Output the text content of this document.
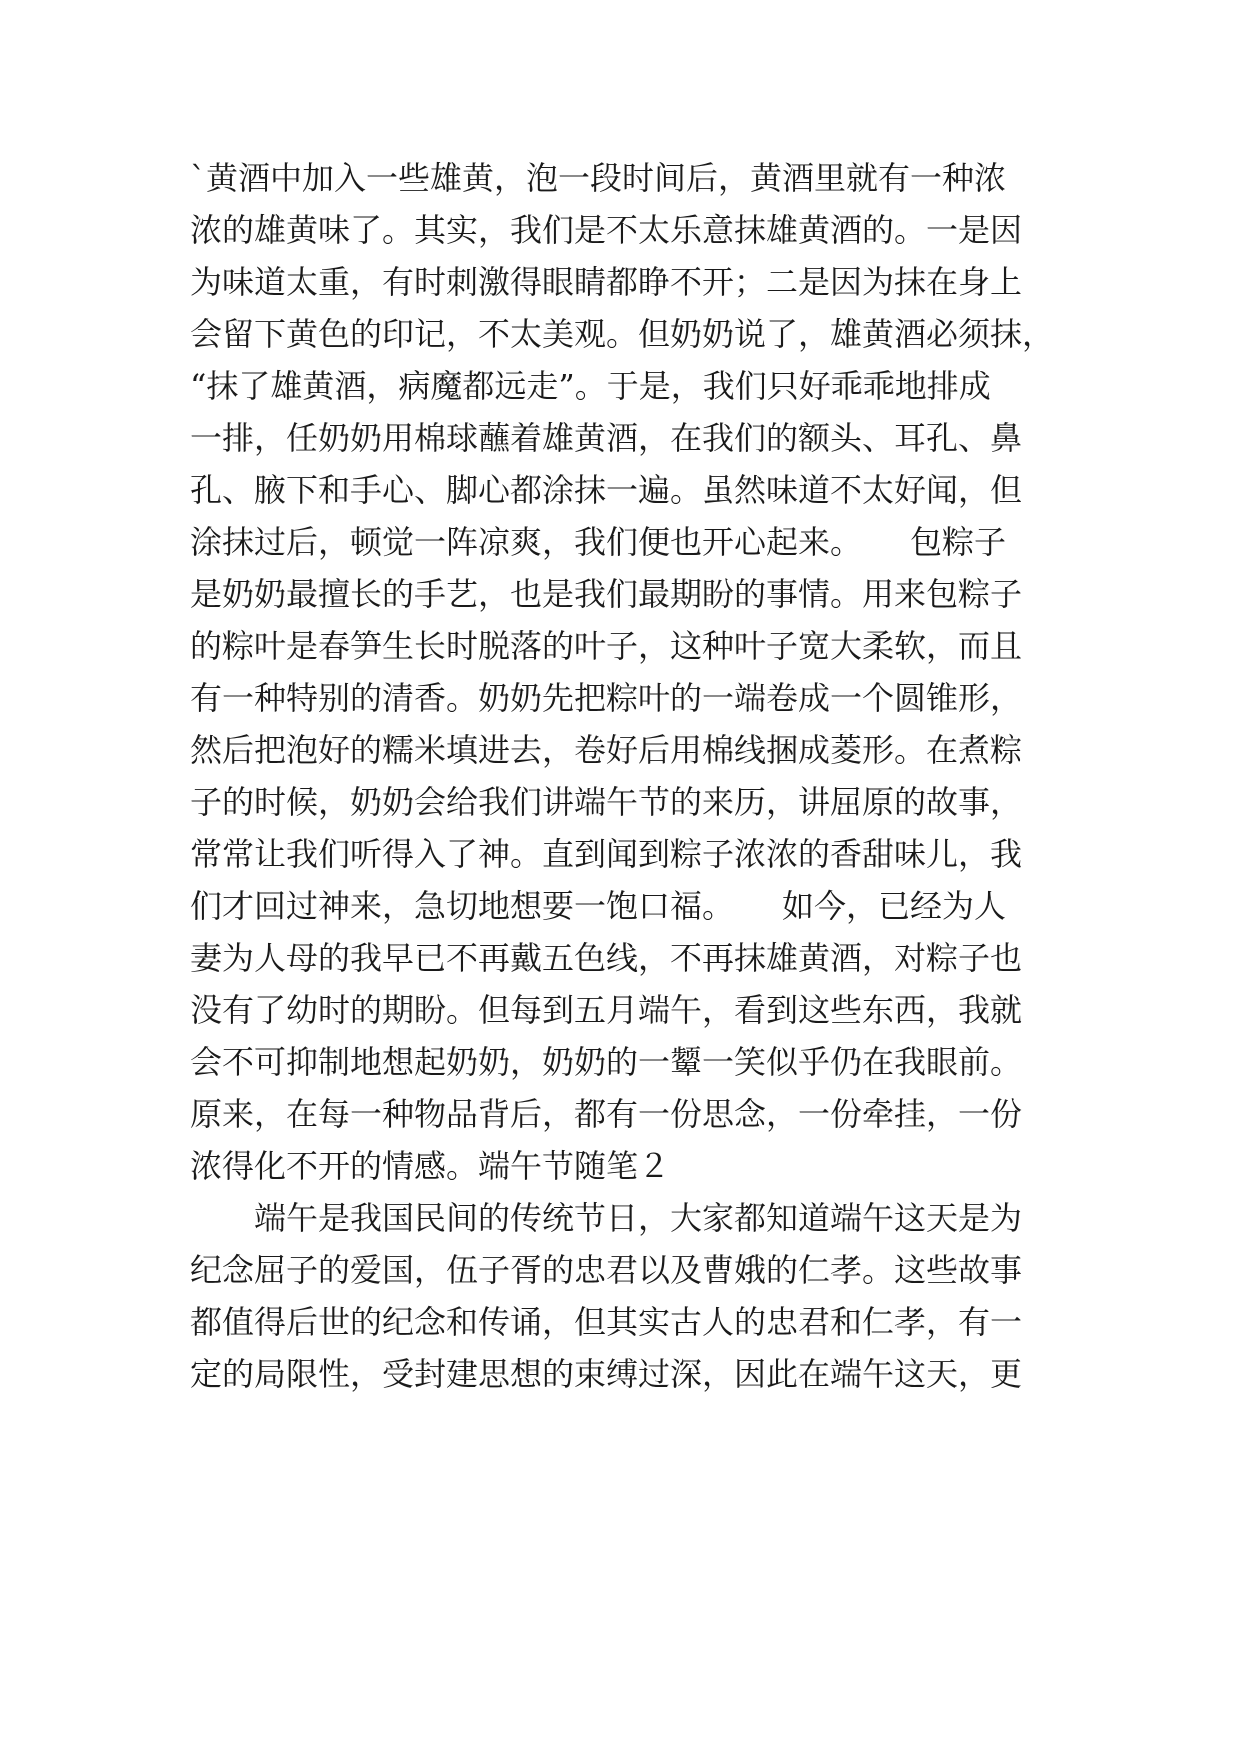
`黄酒中加入一些雄黄，泡一段时间后，黄酒里就有一种浓

浓的雄黄味了。其实，我们是不太乐意抹雄黄酒的。一是因

为味道太重，有时刺激得眼睛都睁不开；二是因为抹在身上

会留下黄色的印记，不太美观。但奶奶说了，雄黄酒必须抹，

“抹了雄黄酒，病魔都远走”。于是，我们只好乖乖地排成

一排，任奶奶用棉球蘸着雄黄酒，在我们的额头、耳孔、鼻

孔、腋下和手心、脚心都涂抹一遍。虽然味道不太好闻，但

涂抹过后，顿觉一阵凉爽，我们便也开心起来。　　包粽子

是奶奶最擅长的手艺，也是我们最期盼的事情。用来包粽子

的粽叶是春笋生长时脱落的叶子，这种叶子宽大柔软，而且

有一种特别的清香。奶奶先把粽叶的一端卷成一个圆锥形，

然后把泡好的糯米填进去，卷好后用棉线捆成菱形。在煮粽

子的时候，奶奶会给我们讲端午节的来历，讲屈原的故事，

常常让我们听得入了神。直到闻到粽子浓浓的香甜味儿，我

们才回过神来，急切地想要一饱口福。　　如今，已经为人

妻为人母的我早已不再戴五色线，不再抹雄黄酒，对粽子也

没有了幼时的期盼。但每到五月端午，看到这些东西，我就

会不可抑制地想起奶奶，奶奶的一颦一笑似乎仍在我眼前。

原来，在每一种物品背后，都有一份思念，一份牵挂，一份

浓得化不开的情感。端午节随笔２

　　端午是我国民间的传统节日，大家都知道端午这天是为

纪念屈子的爱国，伍子胥的忠君以及曹娥的仁孝。这些故事

都值得后世的纪念和传诵，但其实古人的忠君和仁孝，有一

定的局限性，受封建思想的束缚过深，因此在端午这天，更
